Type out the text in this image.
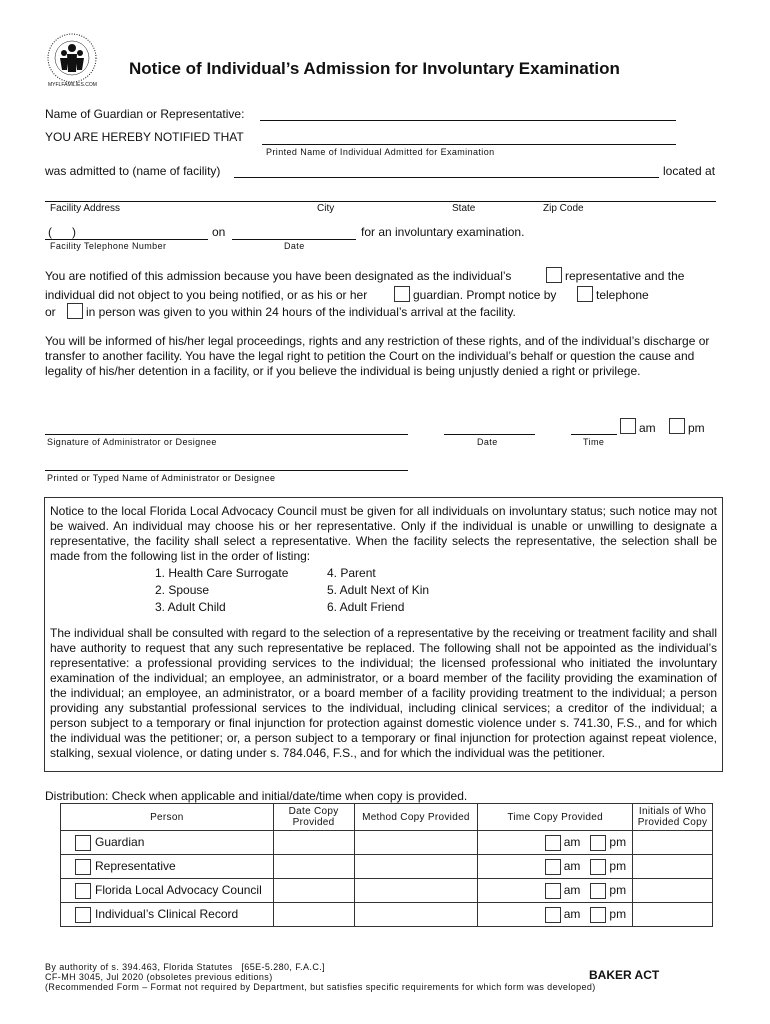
MYFLFAMILIES.COM
Notice of Individual’s Admission for Involuntary Examination
Name of Guardian or Representative:
YOU ARE HEREBY NOTIFIED THAT
Printed Name of Individual Admitted for Examination
was admitted to (name of facility)	located at
Facility Address	City	State	Zip Code
(      )	on	for an involuntary examination.
Facility Telephone Number	Date
You are notified of this admission because you have been designated as the individual’s	representative and the
individual did not object to you being notified, or as his or her	guardian. Prompt notice by	telephone
or	in person was given to you within 24 hours of the individual’s arrival at the facility.
You will be informed of his/her legal proceedings, rights and any restriction of these rights, and of the individual’s discharge or transfer to another facility. You have the legal right to petition the Court on the individual’s behalf or question the cause and legality of his/her detention in a facility, or if you believe the individual is being unjustly denied a right or privilege.
Signature of Administrator or Designee	Date	Time
am	pm
Printed or Typed Name of Administrator or Designee
Notice to the local Florida Local Advocacy Council must be given for all individuals on involuntary status; such notice may not be waived. An individual may choose his or her representative. Only if the individual is unable or unwilling to designate a representative, the facility shall select a representative. When the facility selects the representative, the selection shall be made from the following list in the order of listing:
1. Health Care Surrogate
2. Spouse
3. Adult Child
4. Parent
5. Adult Next of Kin
6. Adult Friend
The individual shall be consulted with regard to the selection of a representative by the receiving or treatment facility and shall have authority to request that any such representative be replaced. The following shall not be appointed as the individual’s representative: a professional providing services to the individual; the licensed professional who initiated the involuntary examination of the individual; an employee, an administrator, or a board member of the facility providing the examination of the individual; an employee, an administrator, or a board member of a facility providing treatment to the individual; a person providing any substantial professional services to the individual, including clinical services; a creditor of the individual; a person subject to a temporary or final injunction for protection against domestic violence under s. 741.30, F.S., and for which the individual was the petitioner; or, a person subject to a temporary or final injunction for protection against repeat violence, stalking, sexual violence, or dating under s. 784.046, F.S., and for which the individual was the petitioner.
Distribution: Check when applicable and initial/date/time when copy is provided.
Person	Date Copy Provided	Method Copy Provided	Time Copy Provided	Initials of Who Provided Copy
Guardian			am pm	
Representative			am pm	
Florida Local Advocacy Council			am pm	
Individual’s Clinical Record			am pm	
By authority of s. 394.463, Florida Statutes   [65E-5.280, F.A.C.]
CF-MH 3045, Jul 2020 (obsoletes previous editions)
(Recommended Form – Format not required by Department, but satisfies specific requirements for which form was developed)
BAKER ACT
